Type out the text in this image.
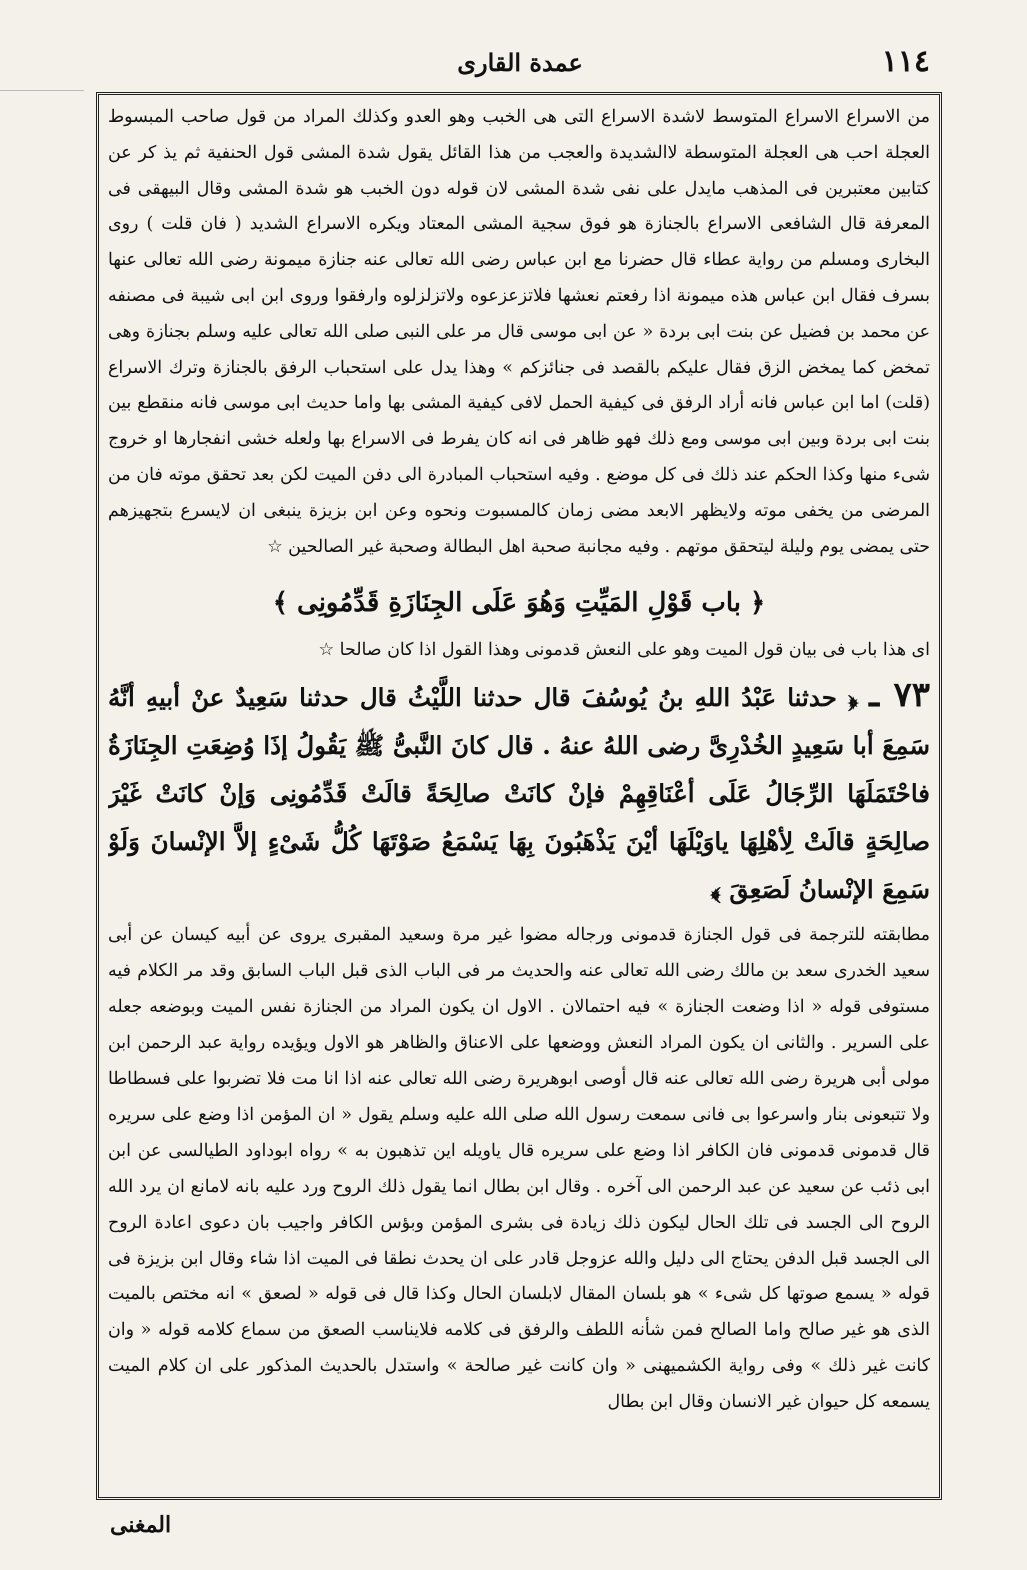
١١٤
عمدة القاری

من الاسراع الاسراع المتوسط لاشدة الاسراع التی هی الخبب وهو العدو وكذلك المراد من قول صاحب المبسوط العجلة احب هی العجلة المتوسطة لاالشدیدة والعجب من هذا القائل یقول شدة المشی قول الحنفیة ثم یذ کر عن كتابین معتبرین فی المذهب مایدل علی نفی شدة المشی لان قوله دون الخبب هو شدة المشی وقال البیهقی فی المعرفة قال الشافعی الاسراع بالجنازة هو فوق سجیة المشی المعتاد ویكره الاسراع الشدید ( فان قلت ) روی البخاری ومسلم من روایة عطاء قال حضرنا مع ابن عباس رضی الله تعالی عنه جنازة میمونة رضی الله تعالی عنها بسرف فقال ابن عباس هذه میمونة اذا رفعتم نعشها فلاتزعزعوه ولاتزلزلوه وارفقوا وروی ابن ابی شیبة فی مصنفه عن محمد بن فضیل عن بنت ابی بردة « عن ابی موسی قال مر علی النبی صلی الله تعالی علیه وسلم بجنازة وهی تمخض كما یمخض الزق فقال علیكم بالقصد فی جنائزكم » وهذا یدل علی استحباب الرفق بالجنازة وترك الاسراع (قلت) اما ابن عباس فانه أراد الرفق فی كیفیة الحمل لافی كیفیة المشی بها واما حدیث ابی موسی فانه منقطع بین بنت ابی بردة وبین ابی موسی ومع ذلك فهو ظاهر فی انه كان یفرط فی الاسراع بها ولعله خشی انفجارها او خروج شیء منها وكذا الحكم عند ذلك فی كل موضع . وفیه استحباب المبادرة الی دفن المیت لكن بعد تحقق موته فان من المرضی من یخفی موته ولایظهر الابعد مضی زمان كالمسبوت ونحوه وعن ابن بزیزة ینبغی ان لایسرع بتجهیزهم حتی یمضی یوم ولیلة لیتحقق موتهم . وفیه مجانبة صحبة اهل البطالة وصحبة غیر الصالحین ☆

﴿ باب قَوْلِ المَیِّتِ وَهُوَ عَلَی الجِنَازَةِ قَدِّمُونِی ﴾

ای هذا باب فی بیان قول المیت وهو علی النعش قدمونی وهذا القول اذا كان صالحا ☆

٧٣ ـ ﴿ حدثنا عَبْدُ اللهِ بنُ یُوسُفَ قال حدثنا اللَّیْثُ قال حدثنا سَعِیدٌ عنْ أبیهِ أنَّهُ سَمِعَ أبا سَعِیدٍ الخُدْرِیَّ رضی اللهُ عنهُ . قال كانَ النَّبیُّ ﷺ یَقُولُ إذَا وُضِعَتِ الجِنَازَةُ فاحْتَمَلَهَا الرِّجَالُ عَلَی أعْنَاقِهِمْ فإنْ كانَتْ صالِحَةً قالَتْ قَدِّمُونِی وَإنْ كانَتْ غَیْرَ صالِحَةٍ قالَتْ لِأهْلِهَا یاوَیْلَهَا أیْنَ یَذْهَبُونَ بِهَا یَسْمَعُ صَوْتَهَا كُلُّ شَیْءٍ إلاَّ الإنْسانَ وَلَوْ سَمِعَ الإنْسانُ لَصَعِقَ ﴾

مطابقته للترجمة فی قول الجنازة قدمونی ورجاله مضوا غیر مرة وسعید المقبری یروی عن أبیه كیسان عن أبی سعید الخدری سعد بن مالك رضی الله تعالی عنه والحدیث مر فی الباب الذی قبل الباب السابق وقد مر الكلام فیه مستوفی قوله « اذا وضعت الجنازة » فیه احتمالان . الاول ان یكون المراد من الجنازة نفس المیت وبوضعه جعله علی السریر . والثانی ان یكون المراد النعش ووضعها علی الاعناق والظاهر هو الاول ویؤیده روایة عبد الرحمن ابن مولی أبی هریرة رضی الله تعالی عنه قال أوصی ابوهریرة رضی الله تعالی عنه اذا انا مت فلا تضربوا علی فسطاطا ولا تتبعونی بنار واسرعوا بی فانی سمعت رسول الله صلی الله علیه وسلم یقول « ان المؤمن اذا وضع علی سریره قال قدمونی قدمونی فان الكافر اذا وضع علی سریره قال یاویله این تذهبون به » رواه ابوداود الطیالسی عن ابن ابی ذئب عن سعید عن عبد الرحمن الی آخره . وقال ابن بطال انما یقول ذلك الروح ورد علیه بانه لامانع ان یرد الله الروح الی الجسد فی تلك الحال لیكون ذلك زیادة فی بشری المؤمن وبؤس الكافر واجیب بان دعوی اعادة الروح الی الجسد قبل الدفن یحتاج الی دلیل والله عزوجل قادر علی ان یحدث نطقا فی المیت اذا شاء وقال ابن بزیزة فی قوله « یسمع صوتها كل شیء » هو بلسان المقال لابلسان الحال وكذا قال فی قوله « لصعق » انه مختص بالمیت الذی هو غیر صالح واما الصالح فمن شأنه اللطف والرفق فی كلامه فلایناسب الصعق من سماع كلامه قوله « وان كانت غیر ذلك » وفی روایة الكشمیهنی « وان كانت غیر صالحة » واستدل بالحدیث المذكور علی ان كلام المیت یسمعه كل حیوان غیر الانسان وقال ابن بطال

المغنی
